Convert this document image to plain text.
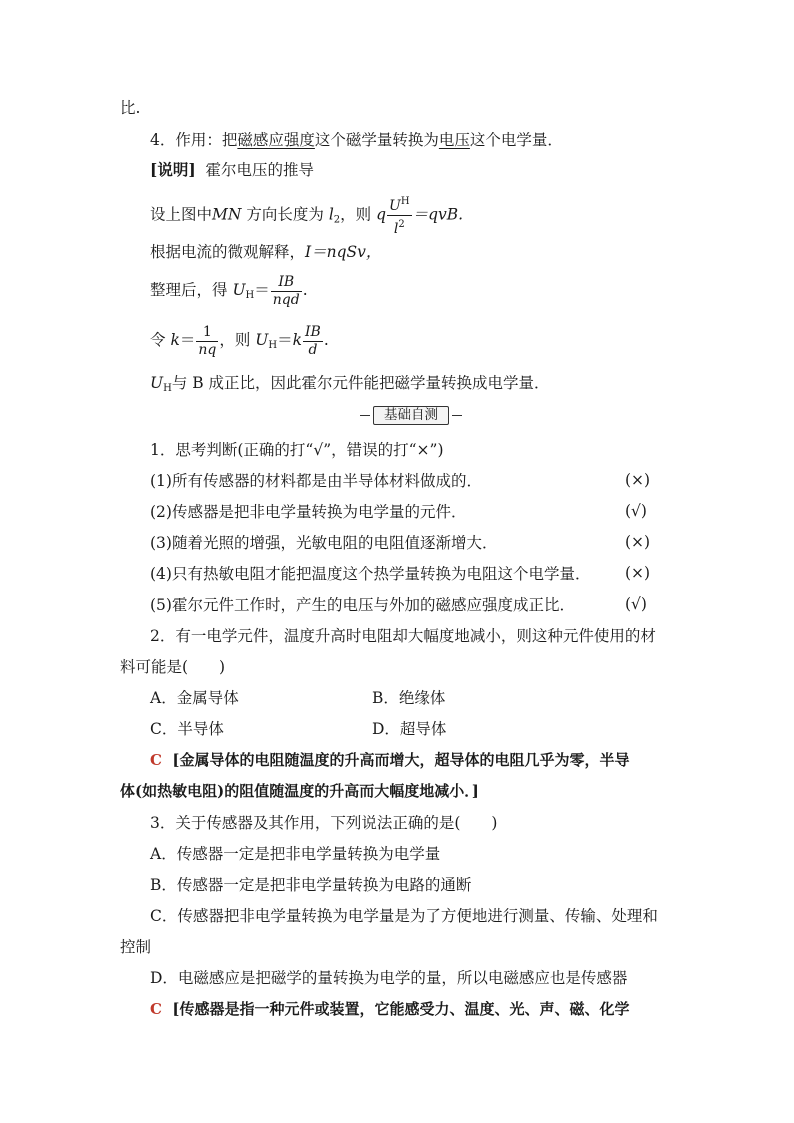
比.
4．作用：把磁感应强度这个磁学量转换为电压这个电学量．
[说明] 霍尔电压的推导
设上图中MN 方向长度为 $l_2$，则 q $\frac{U^H}{l^2} =qvB$.
根据电流的微观解释，I＝nqSv，
整理后，得 $U_H= \frac{IB}{\text{nqd}}$ .
令 $k= \frac{1}{nq}$ ，则 $U_H=k \frac{IB}{d}$ .
$U_H$与 B 成正比，因此霍尔元件能把磁学量转换成电学量．
基础自测
1．思考判断(正确的打“√”，错误的打“×”)
(1)所有传感器的材料都是由半导体材料做成的．	(×)
(2)传感器是把非电学量转换为电学量的元件．	(√)
(3)随着光照的增强，光敏电阻的电阻值逐渐增大．	(×)
(4)只有热敏电阻才能把温度这个热学量转换为电阻这个电学量． (×)
(5)霍尔元件工作时，产生的电压与外加的磁感应强度成正比．	(√)
2．有一电学元件，温度升高时电阻却大幅度地减小，则这种元件使用的材
料可能是(　　)
A．金属导体	B．绝缘体
C．半导体	D．超导体
C [金属导体的电阻随温度的升高而增大，超导体的电阻几乎为零，半导
体(如热敏电阻)的阻值随温度的升高而大幅度地减小．]
3．关于传感器及其作用，下列说法正确的是(　　)
A．传感器一定是把非电学量转换为电学量
B．传感器一定是把非电学量转换为电路的通断
C．传感器把非电学量转换为电学量是为了方便地进行测量、传输、处理和
控制
D．电磁感应是把磁学的量转换为电学的量，所以电磁感应也是传感器
C [传感器是指一种元件或装置，它能感受力、温度、光、声、磁、化学
